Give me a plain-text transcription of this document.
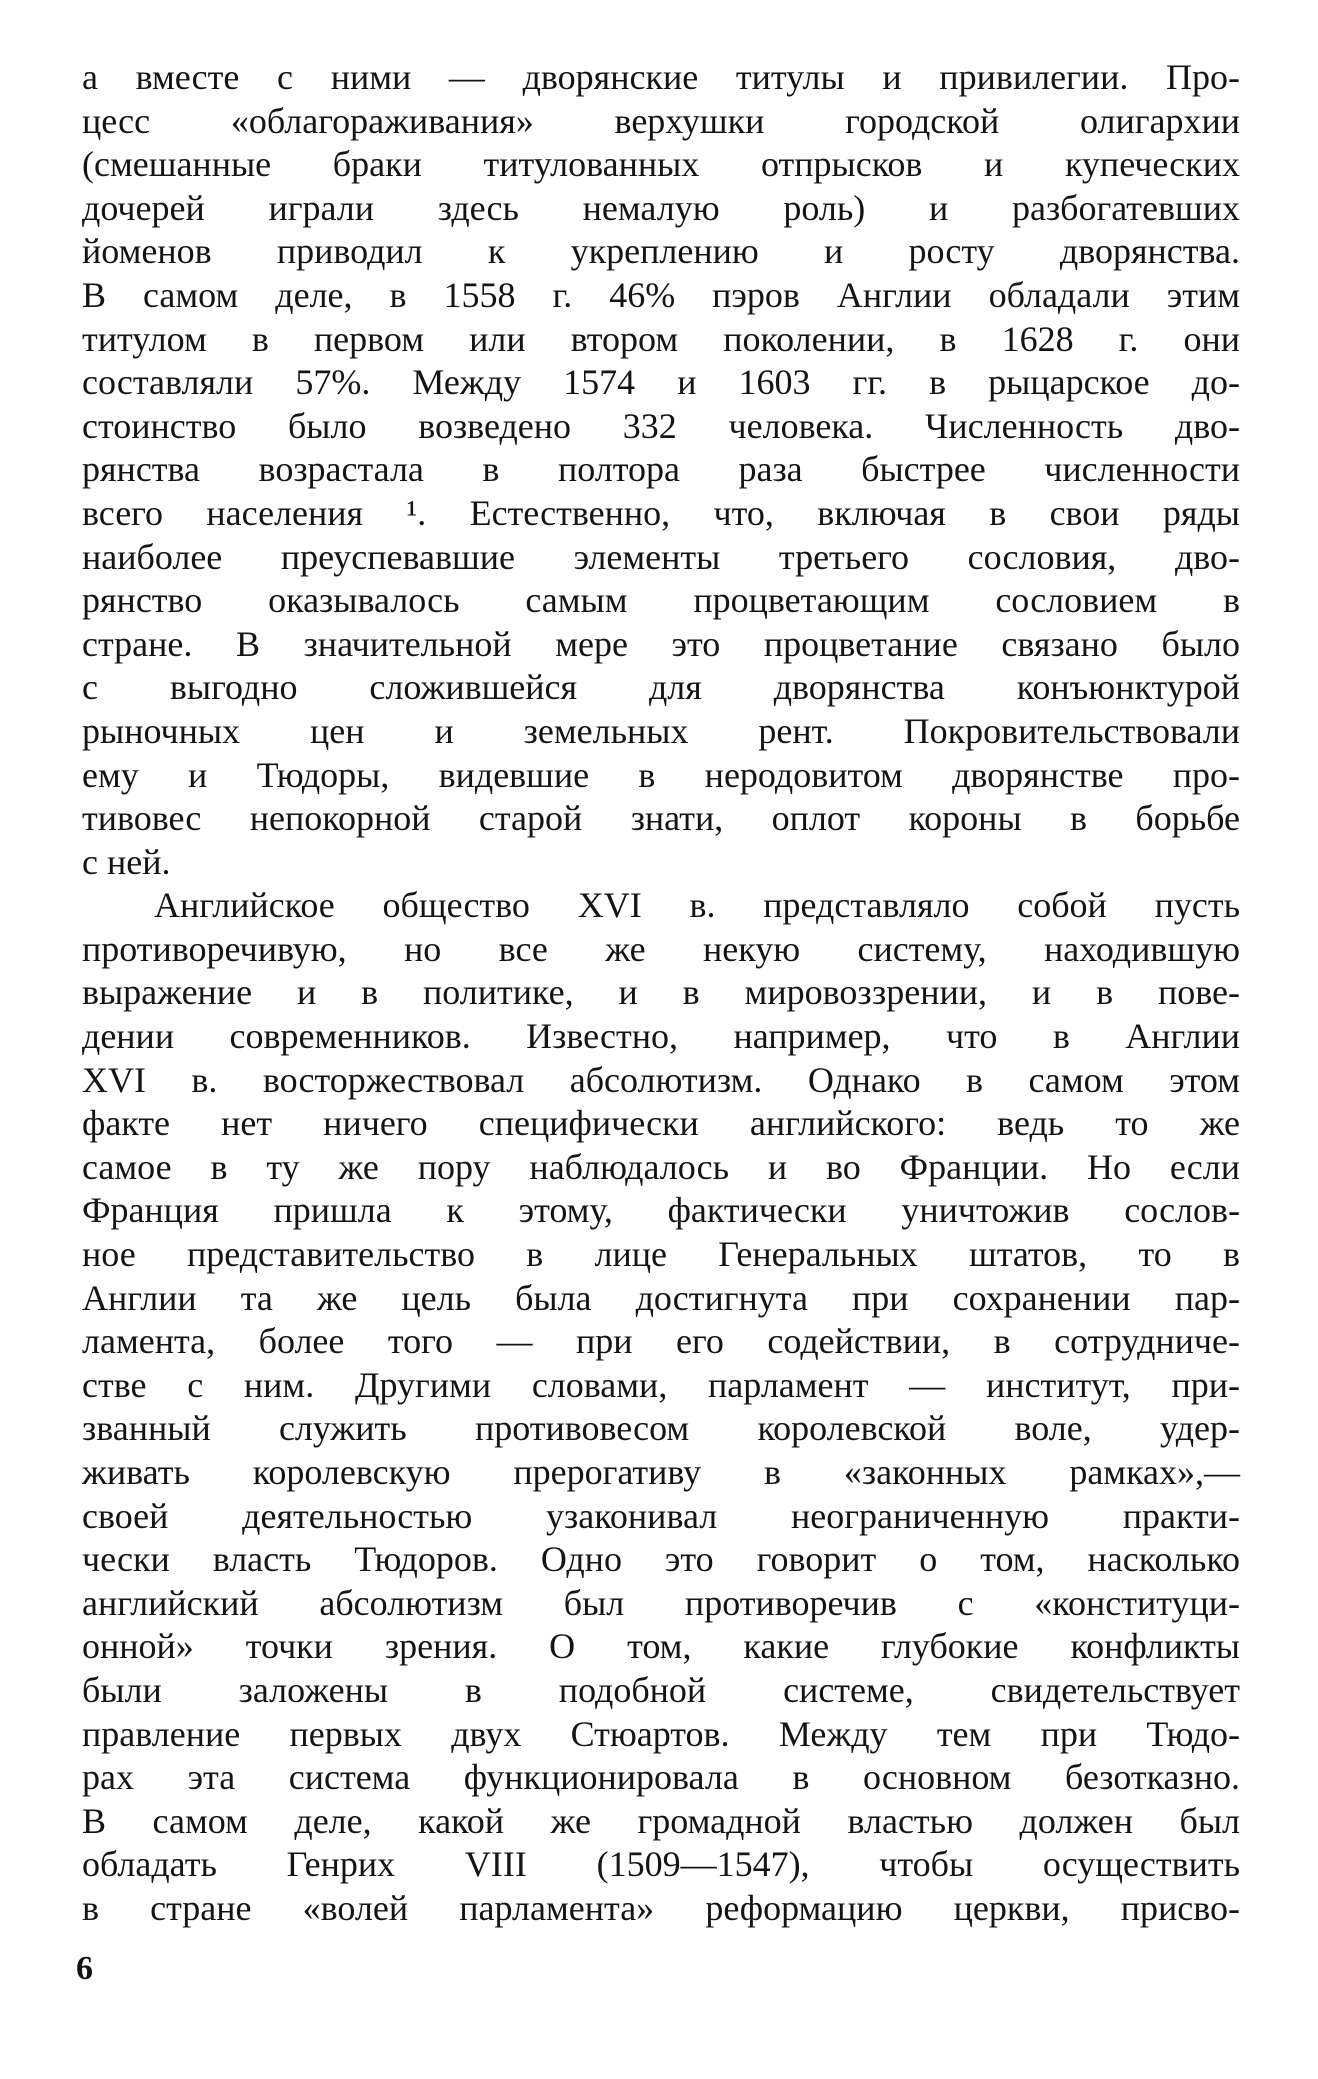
а вместе с ними — дворянские титулы и привилегии. Про-
цесс «облагораживания» верхушки городской олигархии
(смешанные браки титулованных отпрысков и купеческих
дочерей играли здесь немалую роль) и разбогатевших
йоменов приводил к укреплению и росту дворянства.
В самом деле, в 1558 г. 46% пэров Англии обладали этим
титулом в первом или втором поколении, в 1628 г. они
составляли 57%. Между 1574 и 1603 гг. в рыцарское до-
стоинство было возведено 332 человека. Численность дво-
рянства возрастала в полтора раза быстрее численности
всего населения ¹. Естественно, что, включая в свои ряды
наиболее преуспевавшие элементы третьего сословия, дво-
рянство оказывалось самым процветающим сословием в
стране. В значительной мере это процветание связано было
с выгодно сложившейся для дворянства конъюнктурой
рыночных цен и земельных рент. Покровительствовали
ему и Тюдоры, видевшие в неродовитом дворянстве про-
тивовес непокорной старой знати, оплот короны в борьбе
с ней.
Английское общество XVI в. представляло собой пусть
противоречивую, но все же некую систему, находившую
выражение и в политике, и в мировоззрении, и в пове-
дении современников. Известно, например, что в Англии
XVI в. восторжествовал абсолютизм. Однако в самом этом
факте нет ничего специфически английского: ведь то же
самое в ту же пору наблюдалось и во Франции. Но если
Франция пришла к этому, фактически уничтожив сослов-
ное представительство в лице Генеральных штатов, то в
Англии та же цель была достигнута при сохранении пар-
ламента, более того — при его содействии, в сотрудниче-
стве с ним. Другими словами, парламент — институт, при-
званный служить противовесом королевской воле, удер-
живать королевскую прерогативу в «законных рамках»,—
своей деятельностью узаконивал неограниченную практи-
чески власть Тюдоров. Одно это говорит о том, насколько
английский абсолютизм был противоречив с «конституци-
онной» точки зрения. О том, какие глубокие конфликты
были заложены в подобной системе, свидетельствует
правление первых двух Стюартов. Между тем при Тюдо-
рах эта система функционировала в основном безотказно.
В самом деле, какой же громадной властью должен был
обладать Генрих VIII (1509—1547), чтобы осуществить
в стране «волей парламента» реформацию церкви, присво-
6
